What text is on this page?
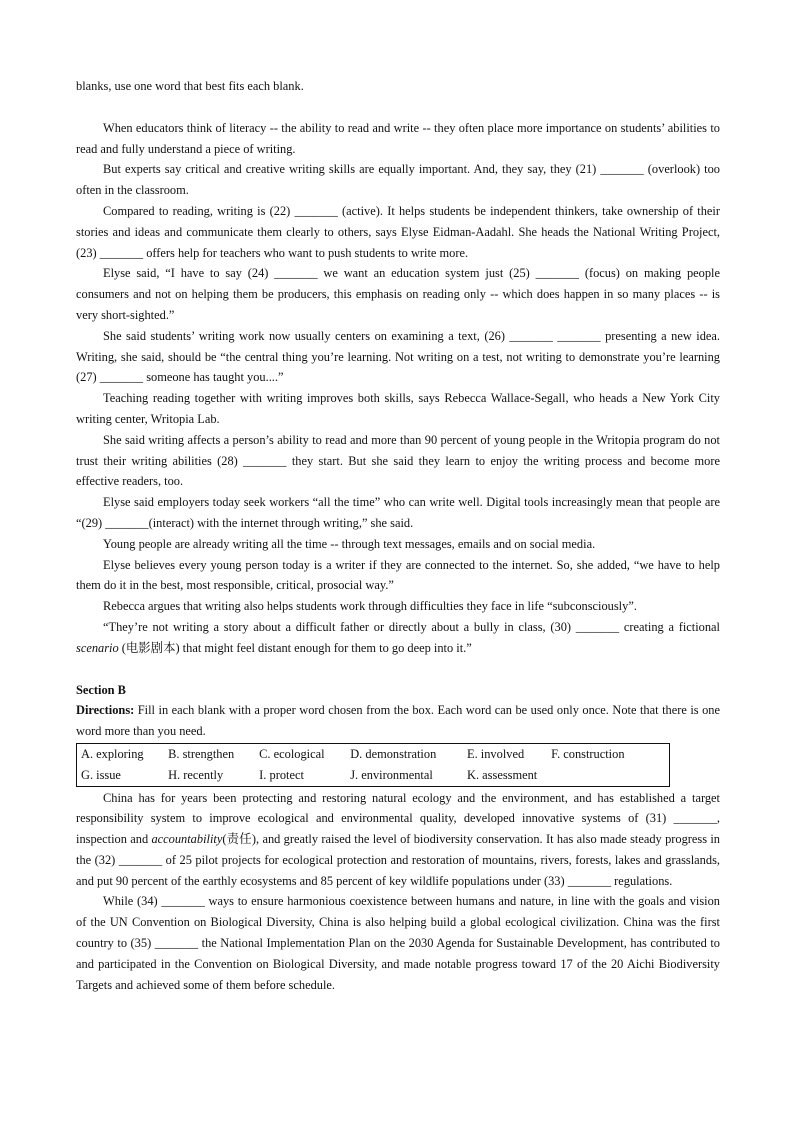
blanks, use one word that best fits each blank.

When educators think of literacy -- the ability to read and write -- they often place more importance on students’ abilities to read and fully understand a piece of writing.

But experts say critical and creative writing skills are equally important. And, they say, they (21) _______ (overlook) too often in the classroom.

Compared to reading, writing is (22) _______ (active). It helps students be independent thinkers, take ownership of their stories and ideas and communicate them clearly to others, says Elyse Eidman-Aadahl. She heads the National Writing Project, (23) _______ offers help for teachers who want to push students to write more.

Elyse said, “I have to say (24) _______ we want an education system just (25) _______ (focus) on making people consumers and not on helping them be producers, this emphasis on reading only -- which does happen in so many places -- is very short-sighted.”

She said students’ writing work now usually centers on examining a text, (26) _______ _______ presenting a new idea. Writing, she said, should be “the central thing you’re learning. Not writing on a test, not writing to demonstrate you’re learning (27) _______ someone has taught you....”

Teaching reading together with writing improves both skills, says Rebecca Wallace-Segall, who heads a New York City writing center, Writopia Lab.

She said writing affects a person’s ability to read and more than 90 percent of young people in the Writopia program do not trust their writing abilities (28) _______ they start. But she said they learn to enjoy the writing process and become more effective readers, too.

Elyse said employers today seek workers “all the time” who can write well. Digital tools increasingly mean that people are “(29) _______(interact) with the internet through writing,” she said.

Young people are already writing all the time -- through text messages, emails and on social media.

Elyse believes every young person today is a writer if they are connected to the internet. So, she added, “we have to help them do it in the best, most responsible, critical, prosocial way.”

Rebecca argues that writing also helps students work through difficulties they face in life “subconsciously”.

“They’re not writing a story about a difficult father or directly about a bully in class, (30) _______ creating a fictional scenario (电影剧本) that might feel distant enough for them to go deep into it.”

Section B

Directions: Fill in each blank with a proper word chosen from the box. Each word can be used only once. Note that there is one word more than you need.

A. exploring	B. strengthen	C. ecological	D. demonstration	E. involved	F. construction
G. issue	H. recently	I. protect	J. environmental	K. assessment

China has for years been protecting and restoring natural ecology and the environment, and has established a target responsibility system to improve ecological and environmental quality, developed innovative systems of (31) _______, inspection and accountability(责任), and greatly raised the level of biodiversity conservation. It has also made steady progress in the (32) _______ of 25 pilot projects for ecological protection and restoration of mountains, rivers, forests, lakes and grasslands, and put 90 percent of the earthly ecosystems and 85 percent of key wildlife populations under (33) _______ regulations.

While (34) _______ ways to ensure harmonious coexistence between humans and nature, in line with the goals and vision of the UN Convention on Biological Diversity, China is also helping build a global ecological civilization. China was the first country to (35) _______ the National Implementation Plan on the 2030 Agenda for Sustainable Development, has contributed to and participated in the Convention on Biological Diversity, and made notable progress toward 17 of the 20 Aichi Biodiversity Targets and achieved some of them before schedule.
